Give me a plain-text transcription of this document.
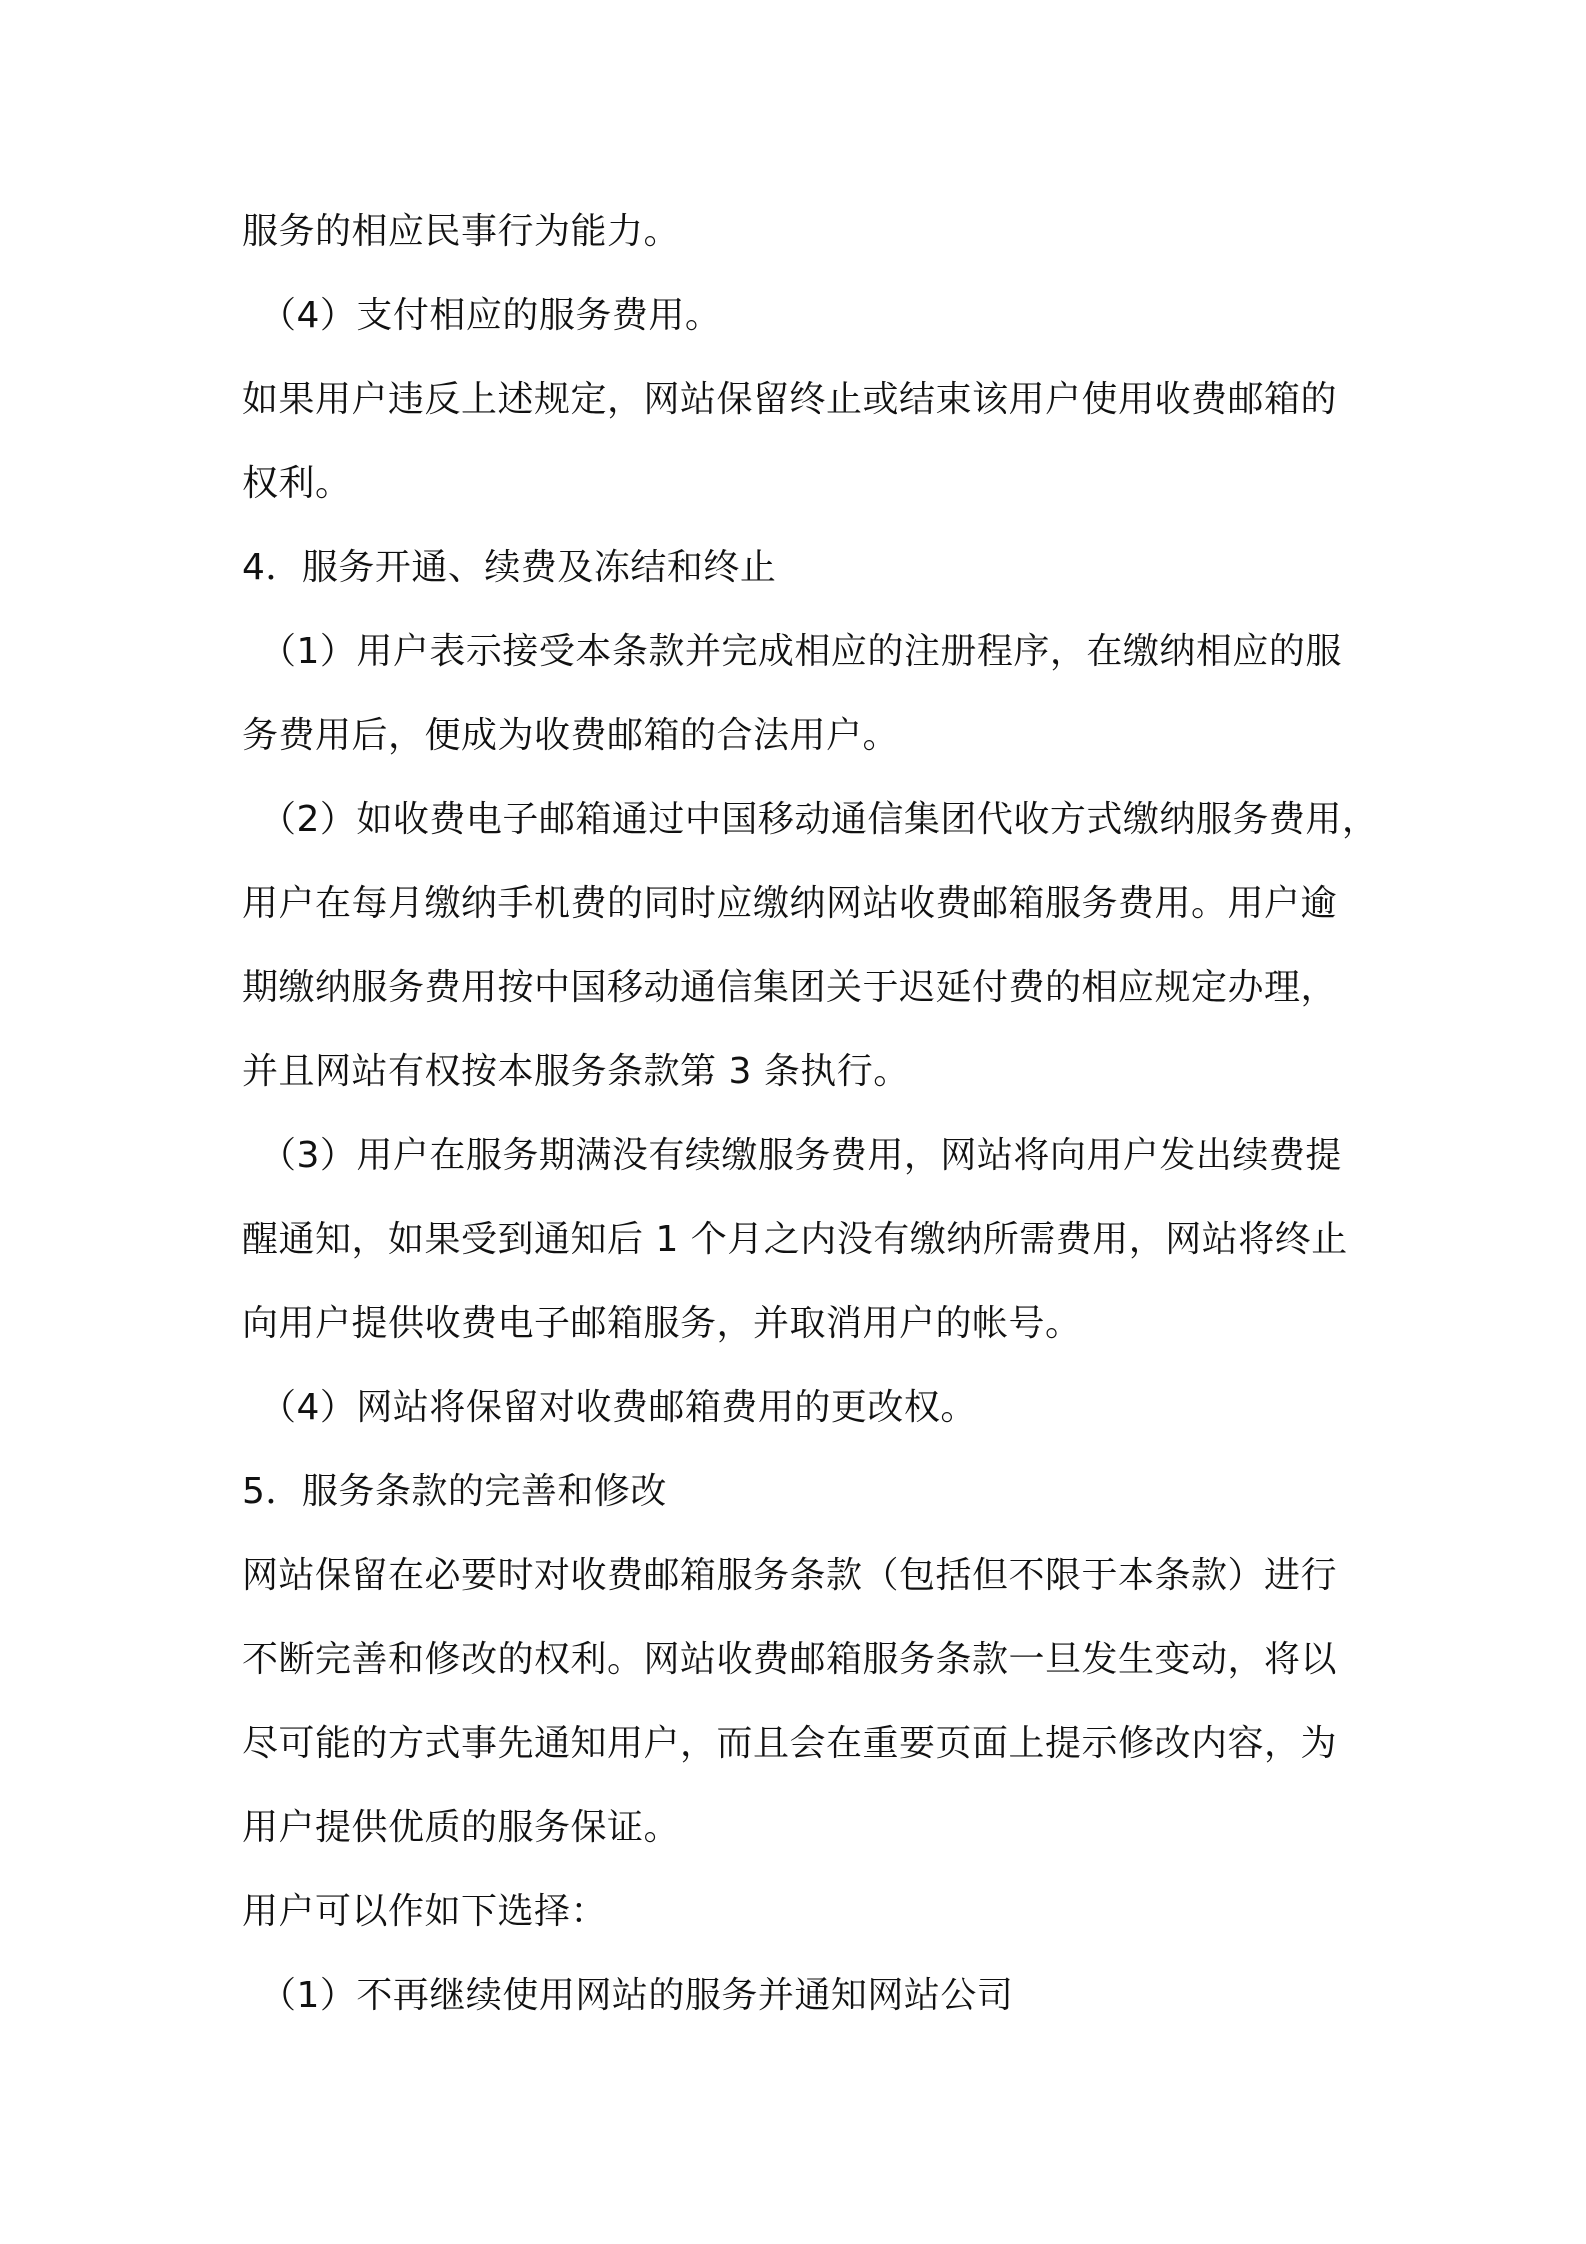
服务的相应民事行为能力。
（4）支付相应的服务费用。
如果用户违反上述规定，网站保留终止或结束该用户使用收费邮箱的
权利。
4．服务开通、续费及冻结和终止
（1）用户表示接受本条款并完成相应的注册程序，在缴纳相应的服
务费用后，便成为收费邮箱的合法用户。
（2）如收费电子邮箱通过中国移动通信集团代收方式缴纳服务费用，
用户在每月缴纳手机费的同时应缴纳网站收费邮箱服务费用。用户逾
期缴纳服务费用按中国移动通信集团关于迟延付费的相应规定办理，
并且网站有权按本服务条款第 3 条执行。
（3）用户在服务期满没有续缴服务费用，网站将向用户发出续费提
醒通知，如果受到通知后 1 个月之内没有缴纳所需费用，网站将终止
向用户提供收费电子邮箱服务，并取消用户的帐号。
（4）网站将保留对收费邮箱费用的更改权。
5．服务条款的完善和修改
网站保留在必要时对收费邮箱服务条款（包括但不限于本条款）进行
不断完善和修改的权利。网站收费邮箱服务条款一旦发生变动，将以
尽可能的方式事先通知用户，而且会在重要页面上提示修改内容，为
用户提供优质的服务保证。
用户可以作如下选择：
（1）不再继续使用网站的服务并通知网站公司
